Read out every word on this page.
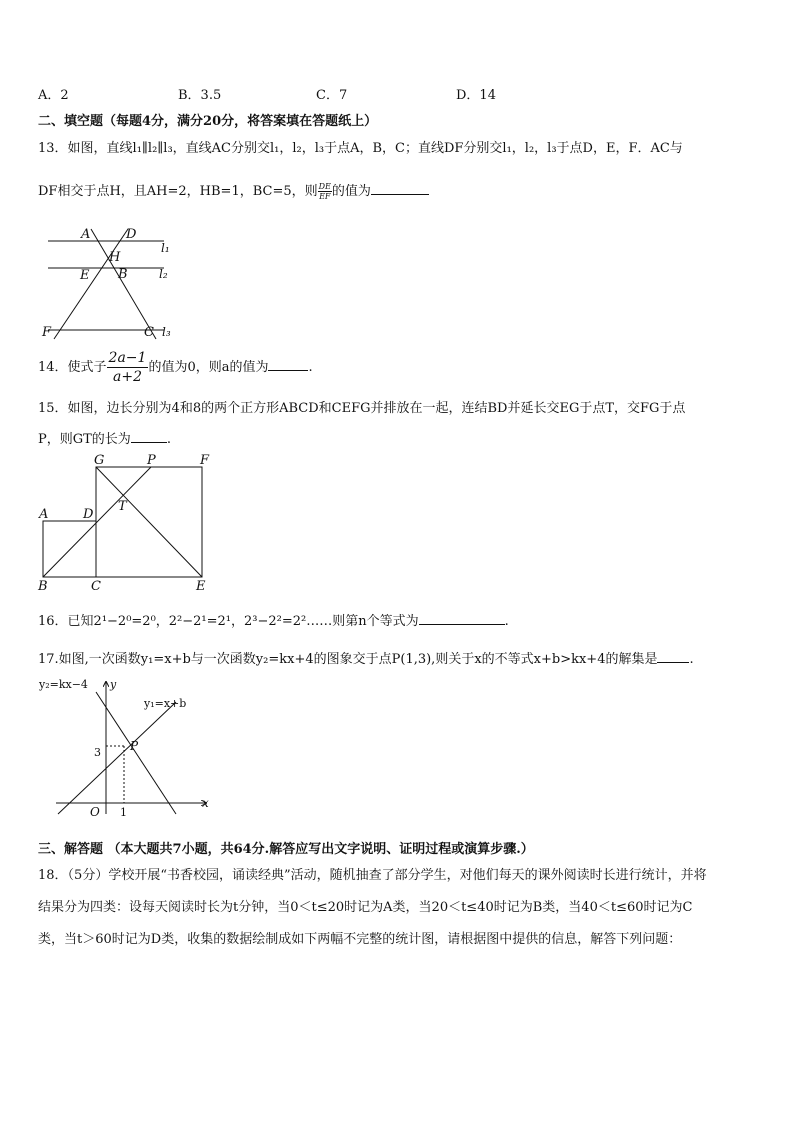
A．2	B．3.5	C．7	D．14
二、填空题（每题4分，满分20分，将答案填在答题纸上）
13．如图，直线l₁∥l₂∥l₃，直线AC分别交l₁，l₂，l₃于点A，B，C；直线DF分别交l₁，l₂，l₃于点D，E，F．AC与
DF相交于点H，且AH=2，HB=1，BC=5，则 $\frac{DE}{EF}$ 的值为
A	D
l₁
H
E B	l₂
F	C l₃
14．使式子 $\frac{2a-1}{a+2}$ 的值为0，则a的值为	.
15．如图，边长分别为4和8的两个正方形ABCD和CEFG并排放在一起，连结BD并延长交EG于点T，交FG于点
P，则GT的长为	.
G	P	F
T
A	D
B	C	E
16．已知2¹−2⁰=2⁰，2²−2¹=2¹，2³−2²=2²……则第n个等式为	.
17.如图,一次函数y₁=x+b与一次函数y₂=kx+4的图象交于点P(1,3),则关于x的不等式x+b>kx+4的解集是 .
y₂=kx−4 y
y₁=x+b
3 P
O 1
x
三、解答题 （本大题共7小题，共64分.解答应写出文字说明、证明过程或演算步骤.）
18．（5分）学校开展“书香校园，诵读经典”活动，随机抽查了部分学生，对他们每天的课外阅读时长进行统计，并将
结果分为四类：设每天阅读时长为t分钟，当0＜t≤20时记为A类，当20＜t≤40时记为B类，当40＜t≤60时记为C
类，当t＞60时记为D类，收集的数据绘制成如下两幅不完整的统计图，请根据图中提供的信息，解答下列问题：
